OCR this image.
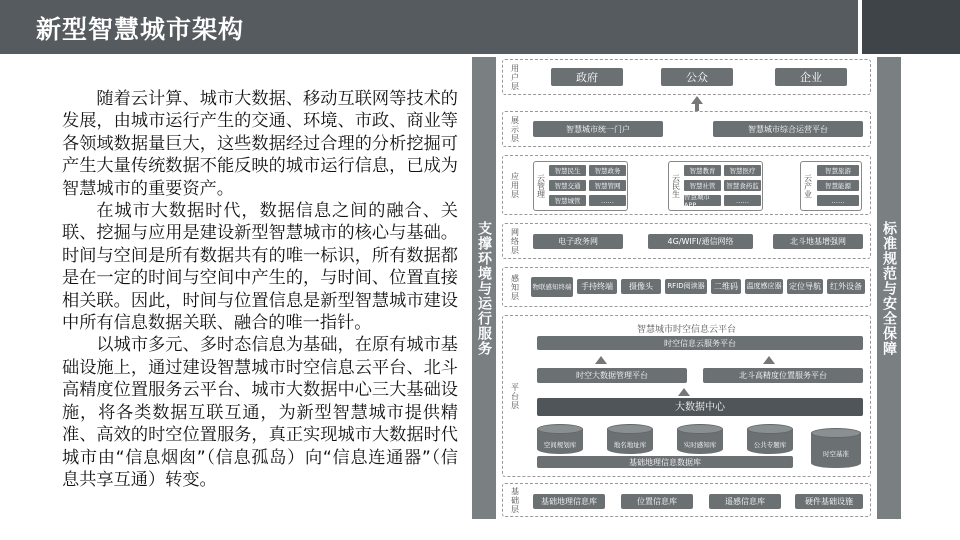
新型智慧城市架构

随着云计算、城市大数据、移动互联网等技术的发展，由城市运行产生的交通、环境、市政、商业等各领域数据量巨大，这些数据经过合理的分析挖掘可产生大量传统数据不能反映的城市运行信息，已成为智慧城市的重要资产。

在城市大数据时代，数据信息之间的融合、关联、挖掘与应用是建设新型智慧城市的核心与基础。时间与空间是所有数据共有的唯一标识，所有数据都是在一定的时间与空间中产生的，与时间、位置直接相关联。因此，时间与位置信息是新型智慧城市建设中所有信息数据关联、融合的唯一指针。

以城市多元、多时态信息为基础，在原有城市基础设施上，通过建设智慧城市时空信息云平台、北斗高精度位置服务云平台、城市大数据中心三大基础设施，将各类数据互联互通，为新型智慧城市提供精准、高效的时空位置服务，真正实现城市大数据时代城市由“信息烟囱”（信息孤岛）向“信息连通器”（信息共享互通）转变。

支撑环境与运行服务	标准规范与安全保障
用户层	政府	公众	企业
展示层	智慧城市统一门户	智慧城市综合运营平台
应用层	云管理
智慧民生	智慧政务
智慧交通	智慧管网
智慧城管	……
云民生
智慧教育	智慧医疗
智慧社管	智慧食药监
智慧城市APP
……
云产业
智慧旅游
智慧能源
……
网络层	电子政务网	4G/WIFI/通信网络	北斗地基增强网
感知层	物联感知终端	手持终端	摄像头	RFID阅读器	二维码	温度感应器 定位导航	红外设备
平台层
智慧城市时空信息云平台
时空信息云服务平台
时空大数据管理平台	北斗高精度位置服务平台
大数据中心
空间规划库	地名地址库	实时感知库	公共专题库
基础地理信息数据库
时空基准
基础层	基础地理信息库	位置信息库	遥感信息库	硬件基础设施
